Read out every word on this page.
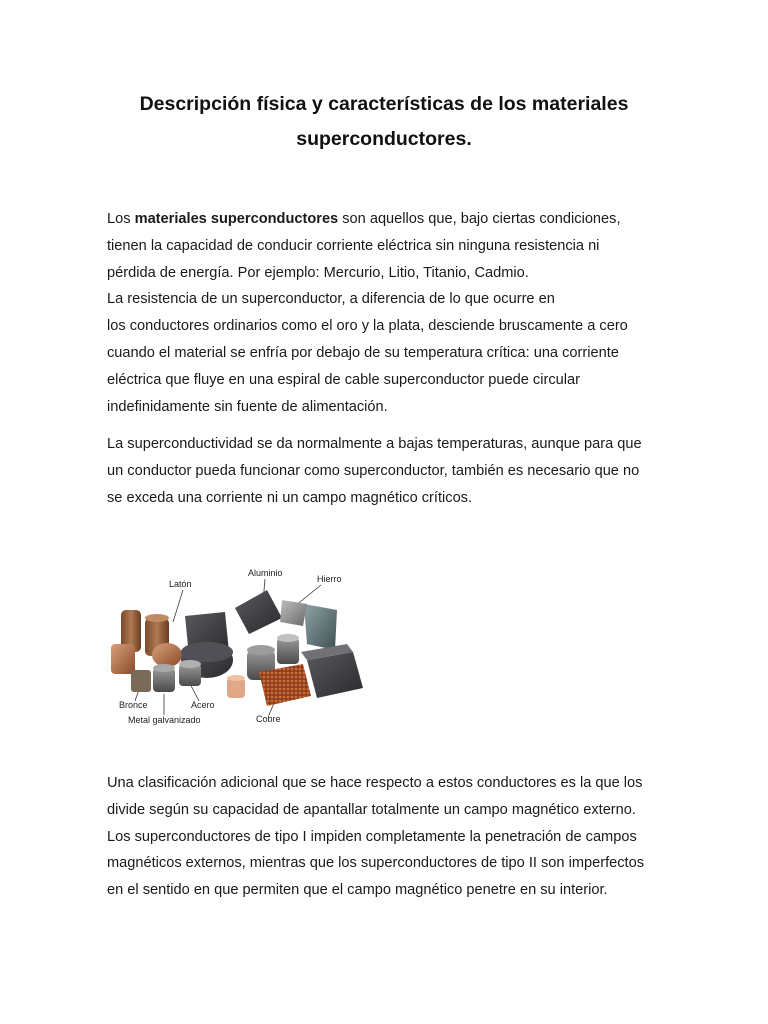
Descripción física y características de los materiales
superconductores.
Los materiales superconductores son aquellos que, bajo ciertas condiciones,
tienen la capacidad de conducir corriente eléctrica sin ninguna resistencia ni
pérdida de energía. Por ejemplo: Mercurio, Litio, Titanio, Cadmio.
La resistencia de un superconductor, a diferencia de lo que ocurre en
los conductores ordinarios como el oro y la plata, desciende bruscamente a cero
cuando el material se enfría por debajo de su temperatura crítica: una corriente
eléctrica que fluye en una espiral de cable superconductor puede circular
indefinidamente sin fuente de alimentación.
La superconductividad se da normalmente a bajas temperaturas, aunque para que
un conductor pueda funcionar como superconductor, también es necesario que no
se exceda una corriente ni un campo magnético críticos.
Latón
Aluminio
Hierro
Bronce	Acero
Metal galvanizado	Cobre
Una clasificación adicional que se hace respecto a estos conductores es la que los
divide según su capacidad de apantallar totalmente un campo magnético externo.
Los superconductores de tipo I impiden completamente la penetración de campos
magnéticos externos, mientras que los superconductores de tipo II son imperfectos
en el sentido en que permiten que el campo magnético penetre en su interior.
